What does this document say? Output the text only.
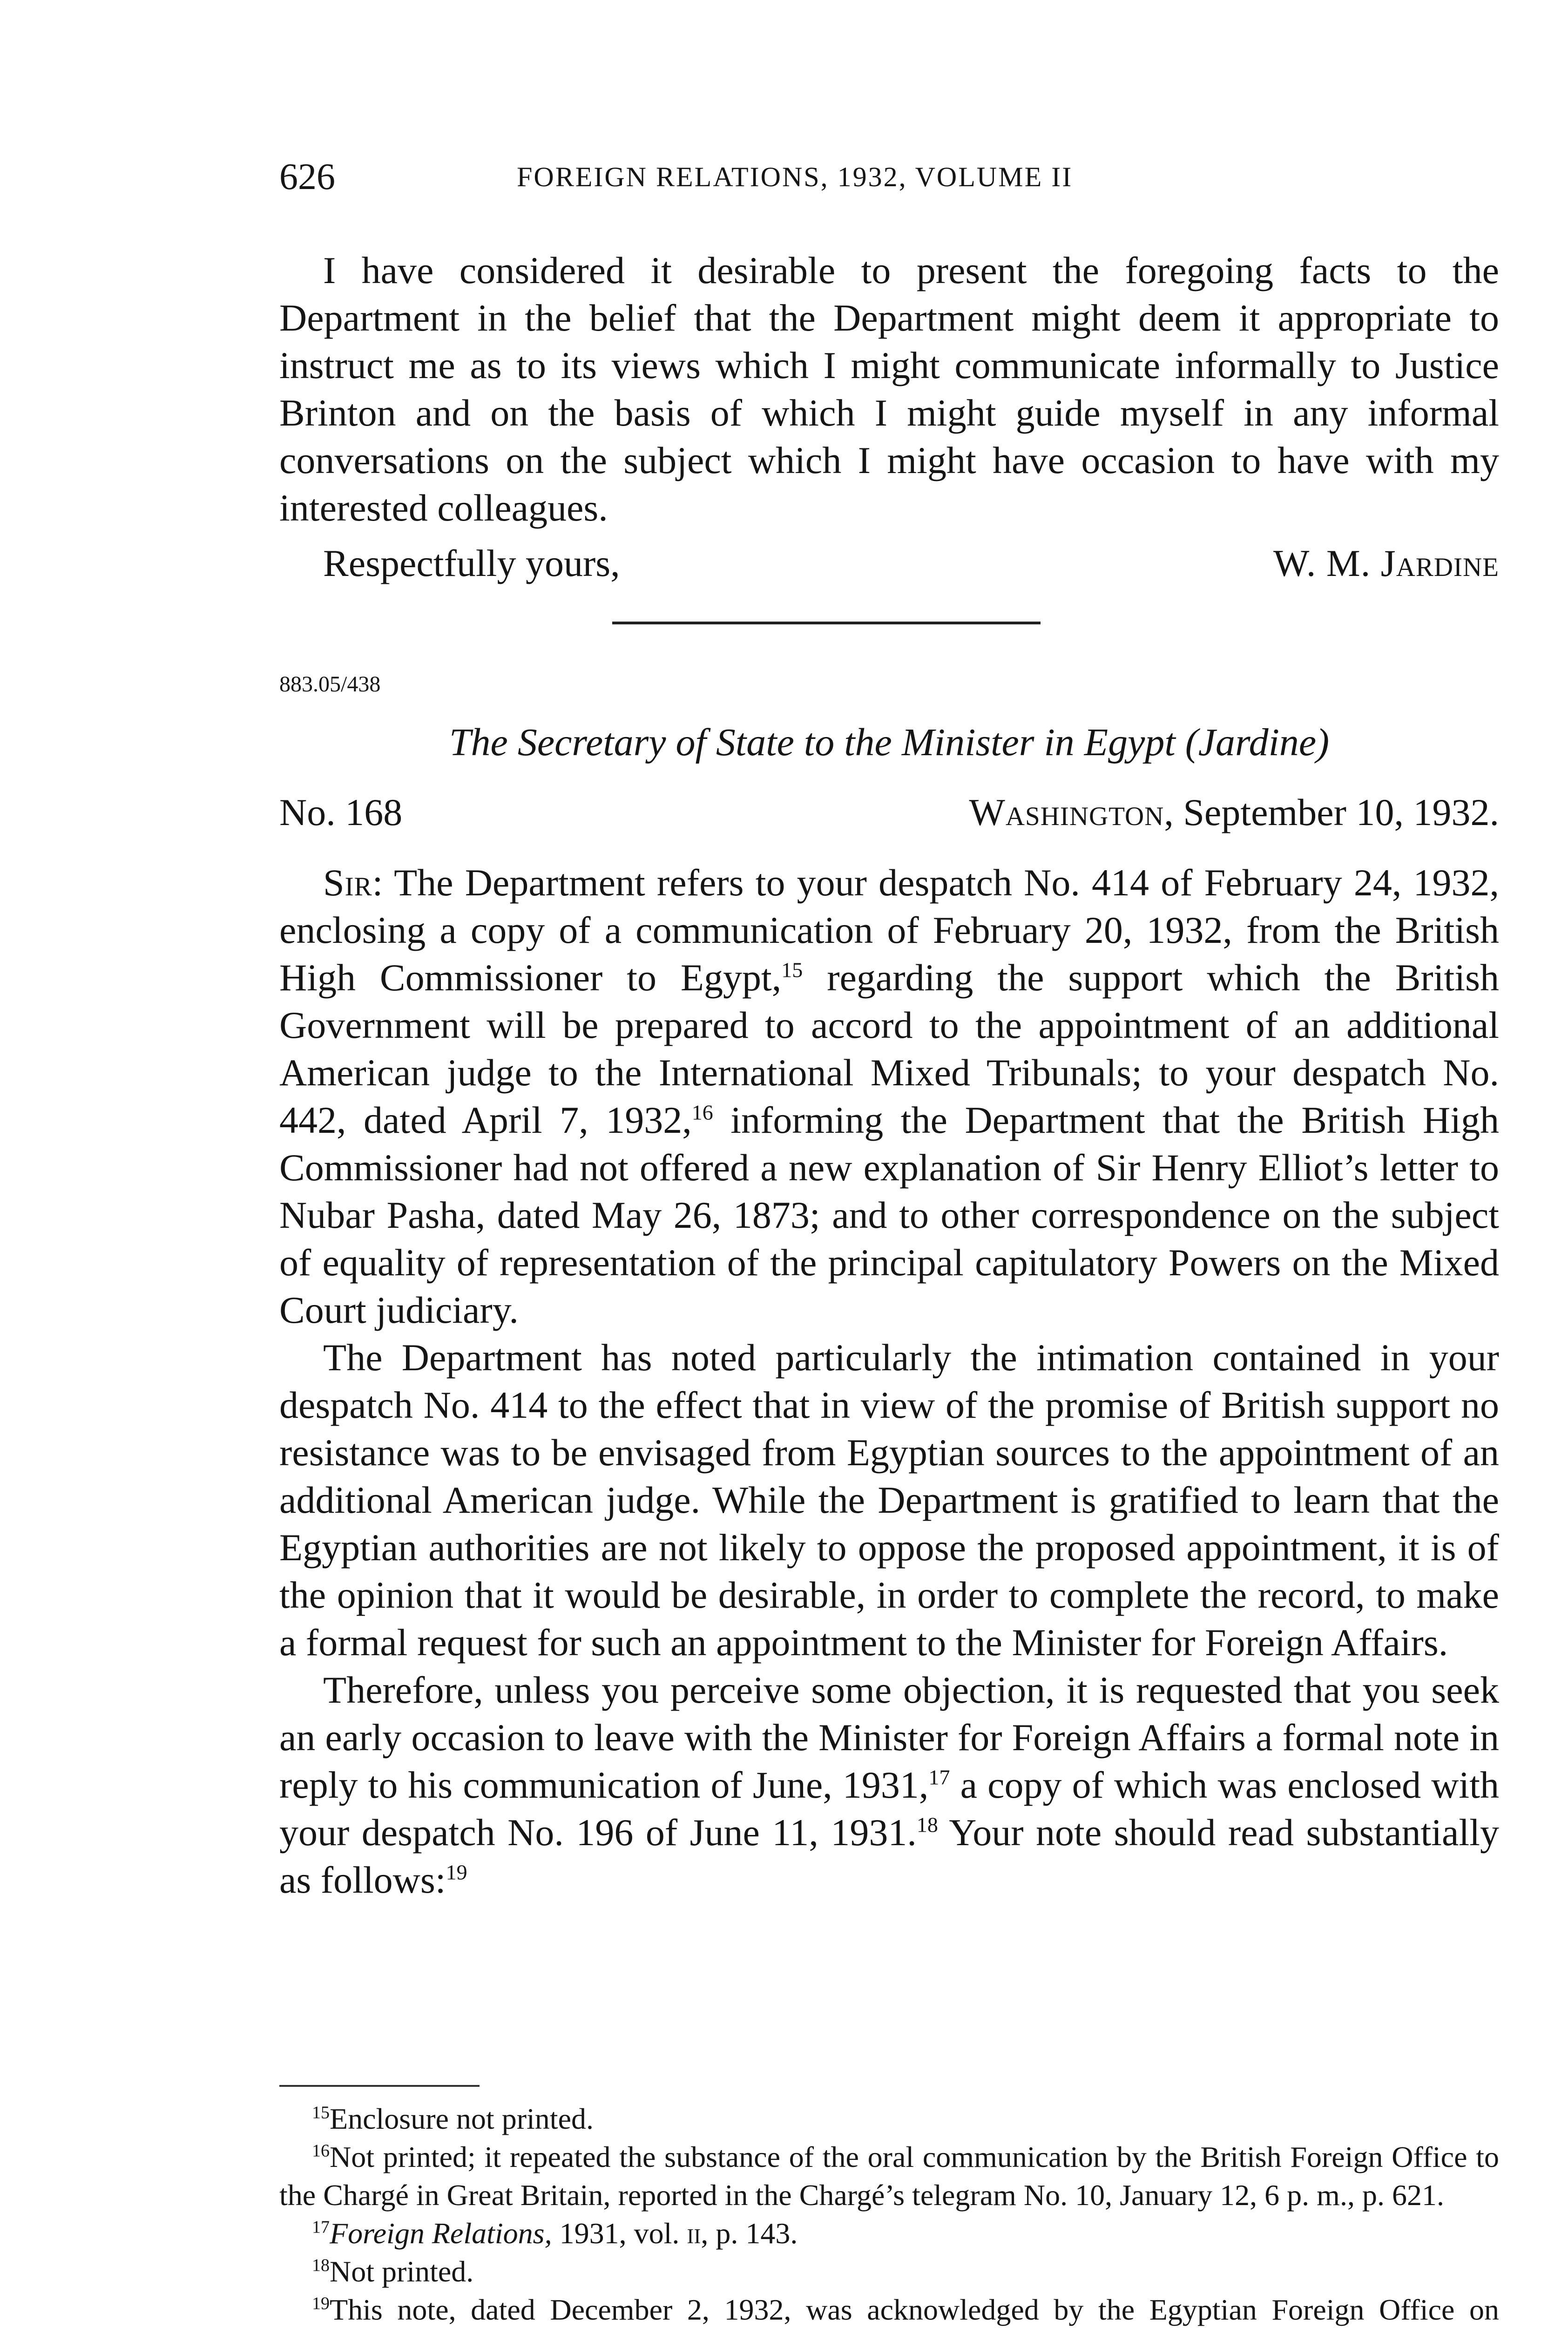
626	FOREIGN RELATIONS, 1932, VOLUME II

I have considered it desirable to present the foregoing facts to the Department in the belief that the Department might deem it appropriate to instruct me as to its views which I might communicate informally to Justice Brinton and on the basis of which I might guide myself in any informal conversations on the subject which I might have occasion to have with my interested colleagues.

Respectfully yours,	W. M. Jardine
883.05/438
The Secretary of State to the Minister in Egypt (Jardine)
No. 168	Washington, September 10, 1932.

Sir: The Department refers to your despatch No. 414 of February 24, 1932, enclosing a copy of a communication of February 20, 1932, from the British High Commissioner to Egypt,$^{15}$ regarding the support which the British Government will be prepared to accord to the appointment of an additional American judge to the International Mixed Tribunals; to your despatch No. 442, dated April 7, 1932,16 informing the Department that the British High Commissioner had not offered a new explanation of Sir Henry Elliot’s letter to Nubar Pasha, dated May 26, 1873; and to other correspondence on the subject of equality of representation of the principal capitulatory Powers on the Mixed Court judiciary.

The Department has noted particularly the intimation contained in your despatch No. 414 to the effect that in view of the promise of British support no resistance was to be envisaged from Egyptian sources to the appointment of an additional American judge. While the Department is gratified to learn that the Egyptian authorities are not likely to oppose the proposed appointment, it is of the opinion that it would be desirable, in order to complete the record, to make a formal request for such an appointment to the Minister for Foreign Affairs.

Therefore, unless you perceive some objection, it is requested that you seek an early occasion to leave with the Minister for Foreign Affairs a formal note in reply to his communication of June, 1931,17 a copy of which was enclosed with your despatch No. 196 of June 11, 1931.18 Your note should read substantially as follows:$^{19}$

$^{15}$Enclosure not printed.

$^{16}$Not printed; it repeated the substance of the oral communication by the British Foreign Office to the Chargé in Great Britain, reported in the Chargé’s telegram No. 10, January 12, 6 p. m., p. 621.

$^{17}$Foreign Relations, 1931, vol. ii, p. 143.

$^{18}$Not printed.

$^{19}$This note, dated December 2, 1932, was acknowledged by the Egyptian Foreign Office on
